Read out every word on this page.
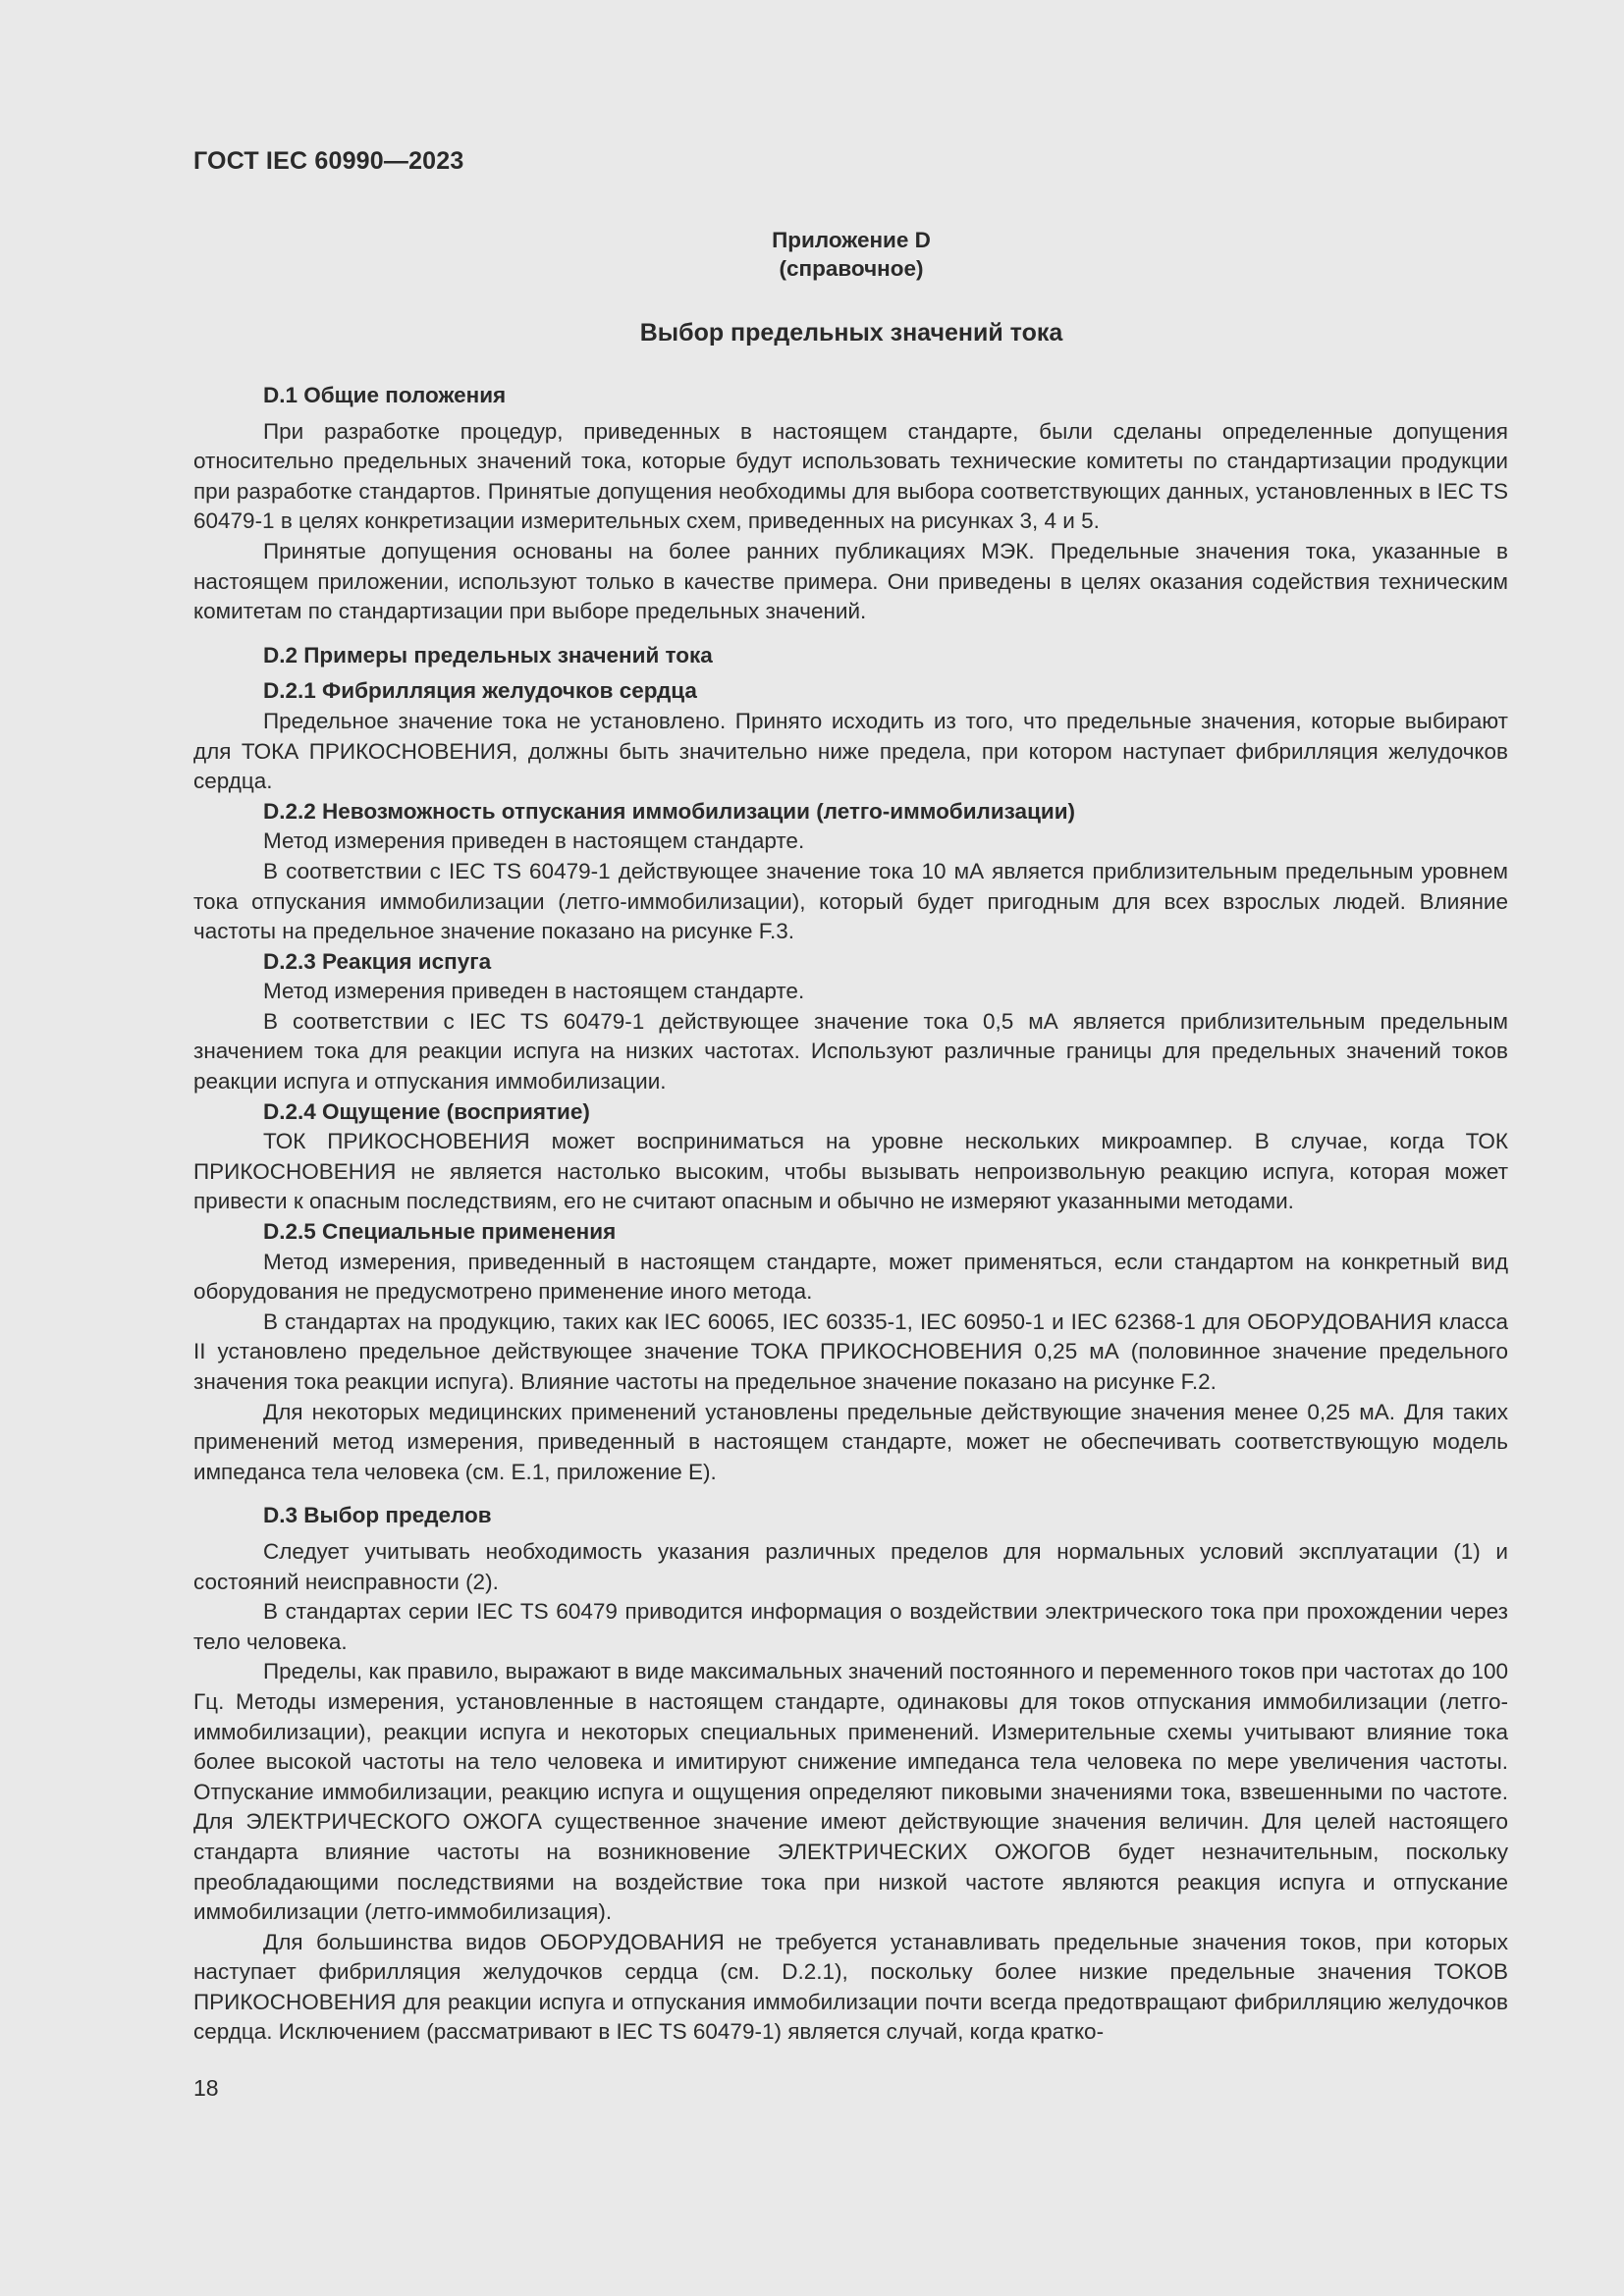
ГОСТ IEC 60990—2023
Приложение D
(справочное)
Выбор предельных значений тока
D.1 Общие положения

При разработке процедур, приведенных в настоящем стандарте, были сделаны определенные допущения относительно предельных значений тока, которые будут использовать технические комитеты по стандартизации продукции при разработке стандартов. Принятые допущения необходимы для выбора соответствующих данных, установленных в IEC TS 60479-1 в целях конкретизации измерительных схем, приведенных на рисунках 3, 4 и 5.

Принятые допущения основаны на более ранних публикациях МЭК. Предельные значения тока, указанные в настоящем приложении, используют только в качестве примера. Они приведены в целях оказания содействия техническим комитетам по стандартизации при выборе предельных значений.

D.2 Примеры предельных значений тока
D.2.1 Фибрилляция желудочков сердца

Предельное значение тока не установлено. Принято исходить из того, что предельные значения, которые выбирают для ТОКА ПРИКОСНОВЕНИЯ, должны быть значительно ниже предела, при котором наступает фибрилляция желудочков сердца.

D.2.2 Невозможность отпускания иммобилизации (летго-иммобилизации)

Метод измерения приведен в настоящем стандарте.

В соответствии с IEC TS 60479-1 действующее значение тока 10 мА является приблизительным предельным уровнем тока отпускания иммобилизации (летго-иммобилизации), который будет пригодным для всех взрослых людей. Влияние частоты на предельное значение показано на рисунке F.3.

D.2.3 Реакция испуга

Метод измерения приведен в настоящем стандарте.

В соответствии с IEC TS 60479-1 действующее значение тока 0,5 мА является приблизительным предельным значением тока для реакции испуга на низких частотах. Используют различные границы для предельных значений токов реакции испуга и отпускания иммобилизации.

D.2.4 Ощущение (восприятие)

ТОК ПРИКОСНОВЕНИЯ может восприниматься на уровне нескольких микроампер. В случае, когда ТОК ПРИКОСНОВЕНИЯ не является настолько высоким, чтобы вызывать непроизвольную реакцию испуга, которая может привести к опасным последствиям, его не считают опасным и обычно не измеряют указанными методами.

D.2.5 Специальные применения

Метод измерения, приведенный в настоящем стандарте, может применяться, если стандартом на конкретный вид оборудования не предусмотрено применение иного метода.

В стандартах на продукцию, таких как IEC 60065, IEC 60335-1, IEC 60950-1 и IEC 62368-1 для ОБОРУДОВАНИЯ класса II установлено предельное действующее значение ТОКА ПРИКОСНОВЕНИЯ 0,25 мА (половинное значение предельного значения тока реакции испуга). Влияние частоты на предельное значение показано на рисунке F.2.

Для некоторых медицинских применений установлены предельные действующие значения менее 0,25 мА. Для таких применений метод измерения, приведенный в настоящем стандарте, может не обеспечивать соответствующую модель импеданса тела человека (см. E.1, приложение E).

D.3 Выбор пределов

Следует учитывать необходимость указания различных пределов для нормальных условий эксплуатации (1) и состояний неисправности (2).

В стандартах серии IEC TS 60479 приводится информация о воздействии электрического тока при прохождении через тело человека.

Пределы, как правило, выражают в виде максимальных значений постоянного и переменного токов при частотах до 100 Гц. Методы измерения, установленные в настоящем стандарте, одинаковы для токов отпускания иммобилизации (летго-иммобилизации), реакции испуга и некоторых специальных применений. Измерительные схемы учитывают влияние тока более высокой частоты на тело человека и имитируют снижение импеданса тела человека по мере увеличения частоты. Отпускание иммобилизации, реакцию испуга и ощущения определяют пиковыми значениями тока, взвешенными по частоте. Для ЭЛЕКТРИЧЕСКОГО ОЖОГА существенное значение имеют действующие значения величин. Для целей настоящего стандарта влияние частоты на возникновение ЭЛЕКТРИЧЕСКИХ ОЖОГОВ будет незначительным, поскольку преобладающими последствиями на воздействие тока при низкой частоте являются реакция испуга и отпускание иммобилизации (летго-иммобилизация).

Для большинства видов ОБОРУДОВАНИЯ не требуется устанавливать предельные значения токов, при которых наступает фибрилляция желудочков сердца (см. D.2.1), поскольку более низкие предельные значения ТОКОВ ПРИКОСНОВЕНИЯ для реакции испуга и отпускания иммобилизации почти всегда предотвращают фибрилляцию желудочков сердца. Исключением (рассматривают в IEC TS 60479-1) является случай, когда кратко-

18
